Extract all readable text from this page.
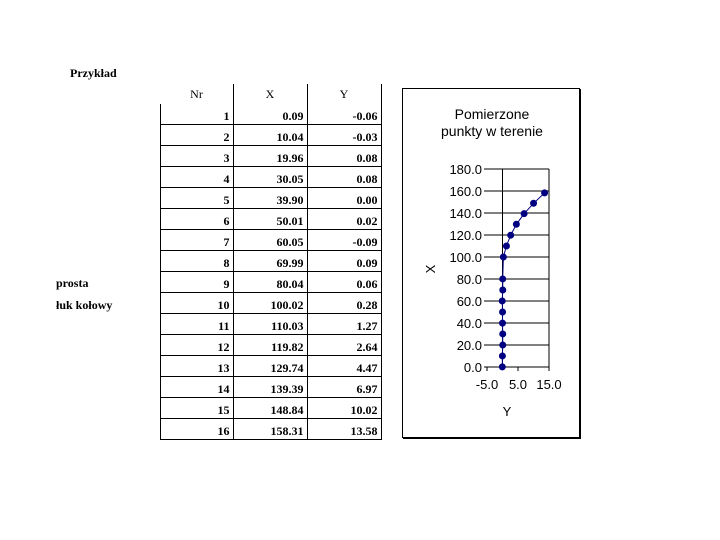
Przykład
prosta
łuk kołowy
Nr	X	Y
1	0.09	-0.06
2	10.04	-0.03
3	19.96	0.08
4	30.05	0.08
5	39.90	0.00
6	50.01	0.02
7	60.05	-0.09
8	69.99	0.09
9	80.04	0.06
10	100.02	0.28
11	110.03	1.27
12	119.82	2.64
13	129.74	4.47
14	139.39	6.97
15	148.84	10.02
16	158.31	13.58
Pomierzone
punkty w terenie
0.0
20.0
40.0
60.0
80.0
100.0
120.0
140.0
160.0
180.0
-5.0 5.0 15.0
Y
X
